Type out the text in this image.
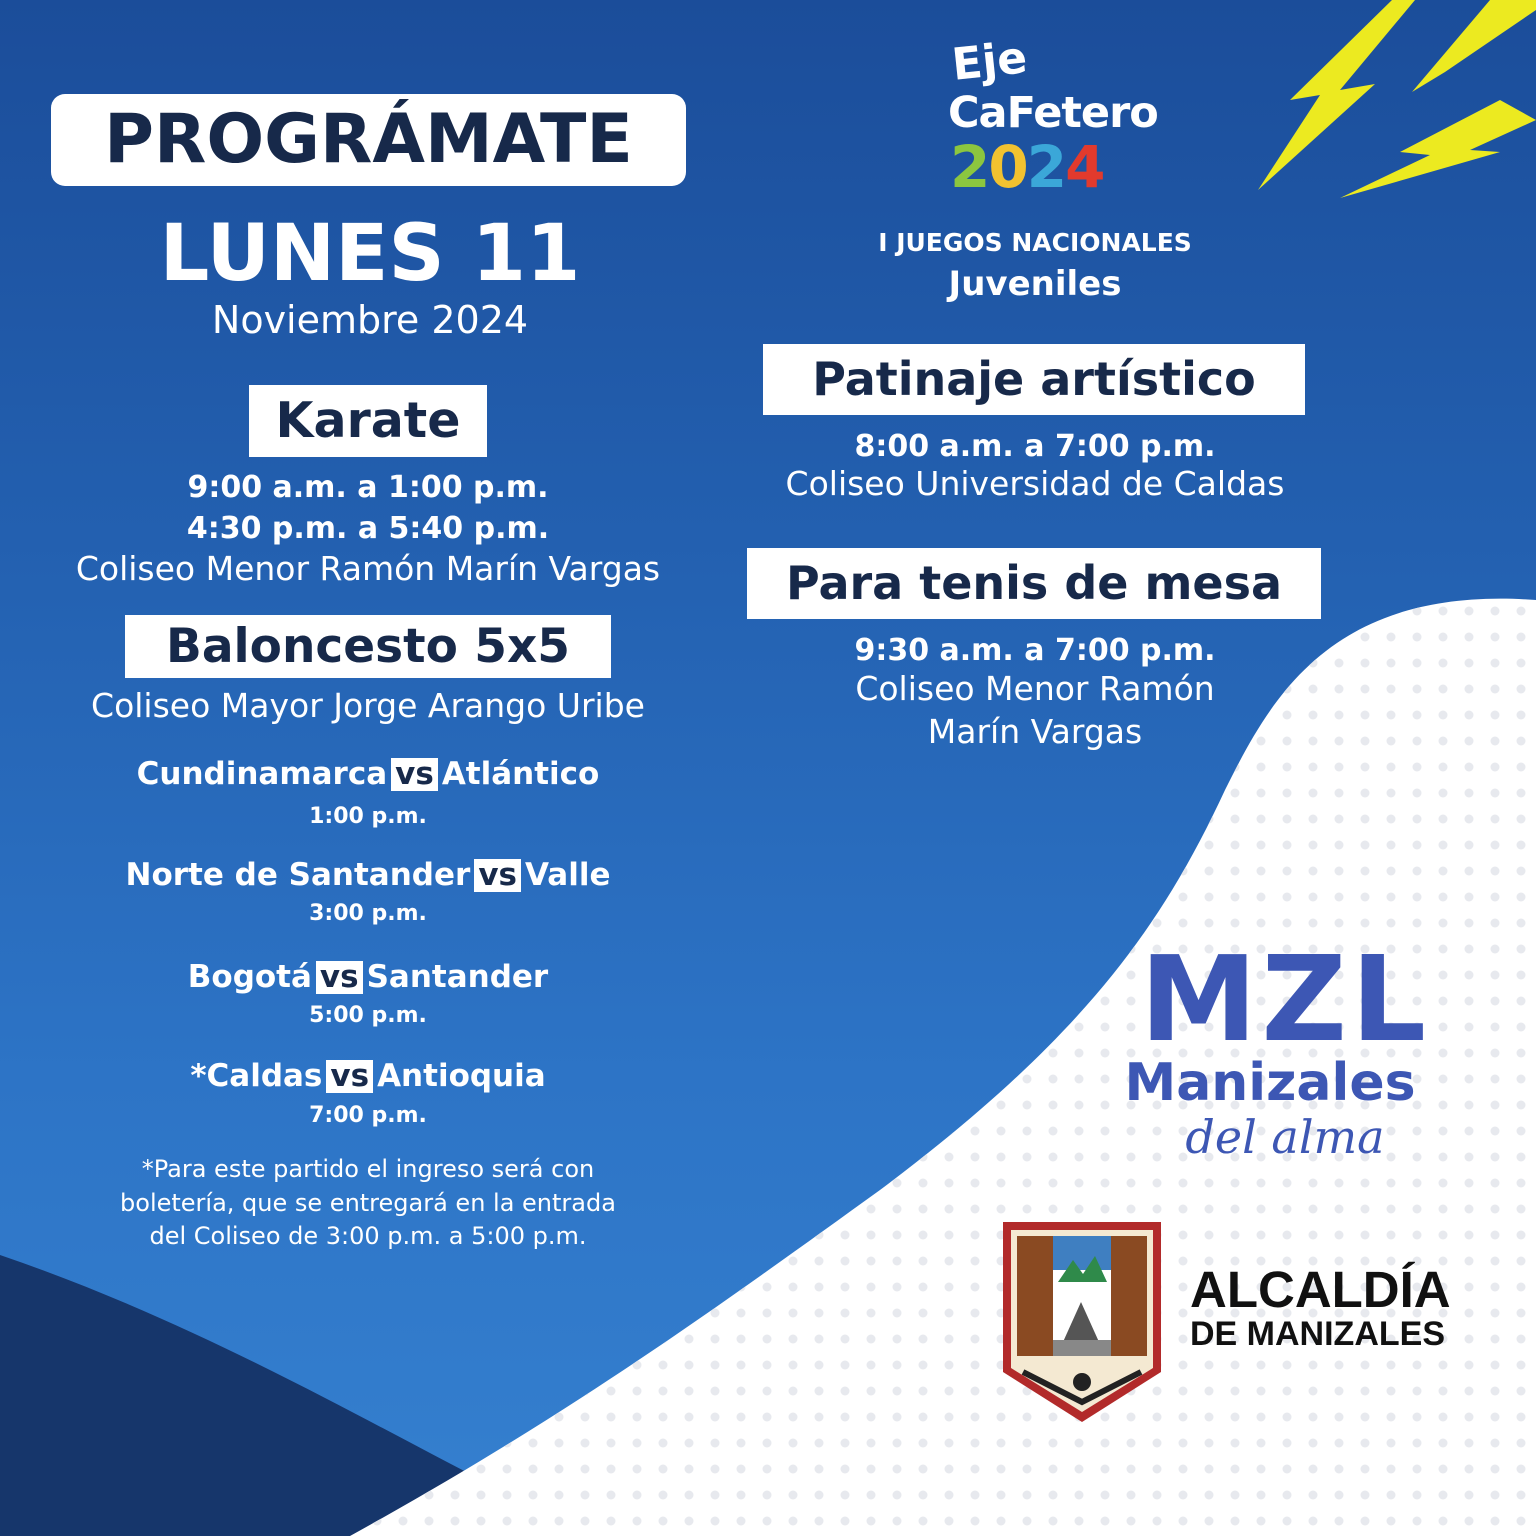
PROGRÁMATE
LUNES 11
Noviembre 2024
Karate
9:00 a.m. a 1:00 p.m.
4:30 p.m. a 5:40 p.m.
Coliseo Menor Ramón Marín Vargas
Baloncesto 5x5
Coliseo Mayor Jorge Arango Uribe
Cundinamarca vs Atlántico
1:00 p.m.
Norte de Santander vs Valle
3:00 p.m.
Bogotá vs Santander
5:00 p.m.
*Caldas vs Antioquia
7:00 p.m.
*Para este partido el ingreso será con
boletería, que se entregará en la entrada
del Coliseo de 3:00 p.m. a 5:00 p.m.
Eje
CaFetero
2024
I JUEGOS NACIONALES
Juveniles
Patinaje artístico
8:00 a.m. a 7:00 p.m.
Coliseo Universidad de Caldas
Para tenis de mesa
9:30 a.m. a 7:00 p.m.
Coliseo Menor Ramón
Marín Vargas
MZL
Manizales
del alma
ALCALDÍA
DE MANIZALES
